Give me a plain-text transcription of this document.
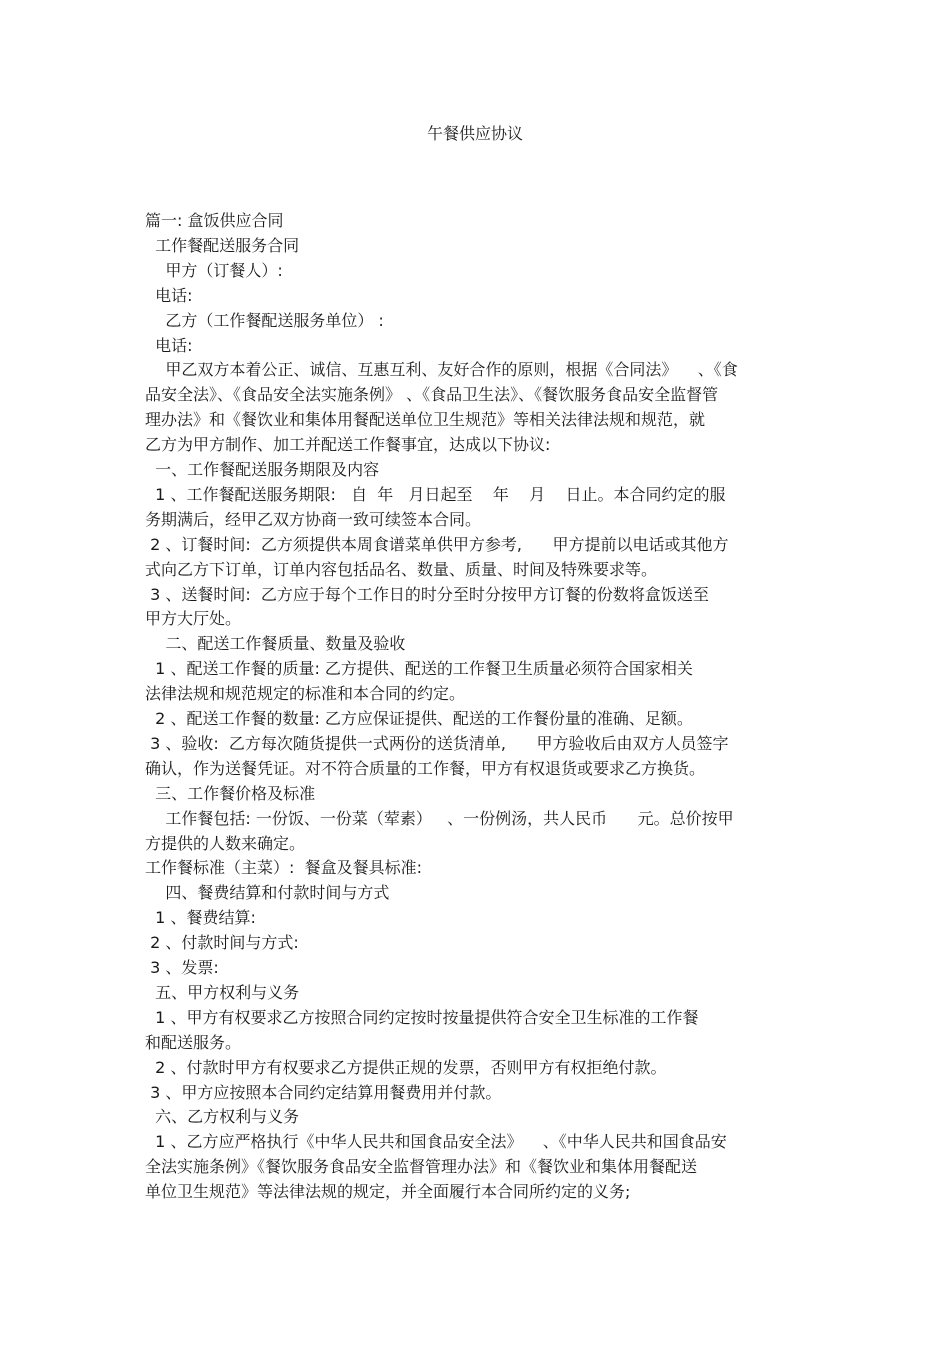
午餐供应协议
篇一: 盒饭供应合同
工作餐配送服务合同
甲方（订餐人）:
电话:
乙方（工作餐配送服务单位） :
电话:
甲乙双方本着公正、诚信、互惠互利、友好合作的原则，根据《合同法》    、《食
品安全法》、《食品安全法实施条例》 、《食品卫生法》、《餐饮服务食品安全监督管
理办法》和《餐饮业和集体用餐配送单位卫生规范》等相关法律法规和规范，就
乙方为甲方制作、加工并配送工作餐事宜，达成以下协议:
一、工作餐配送服务期限及内容
1 、工作餐配送服务期限:   自  年   月日起至    年    月    日止。本合同约定的服
务期满后，经甲乙双方协商一致可续签本合同。
2 、订餐时间:  乙方须提供本周食谱菜单供甲方参考,      甲方提前以电话或其他方
式向乙方下订单，订单内容包括品名、数量、质量、时间及特殊要求等。
3 、送餐时间:  乙方应于每个工作日的时分至时分按甲方订餐的份数将盒饭送至
甲方大厅处。
二、配送工作餐质量、数量及验收
1 、配送工作餐的质量: 乙方提供、配送的工作餐卫生质量必须符合国家相关
法律法规和规范规定的标准和本合同的约定。
2 、配送工作餐的数量: 乙方应保证提供、配送的工作餐份量的准确、足额。
3 、验收:  乙方每次随货提供一式两份的送货清单,      甲方验收后由双方人员签字
确认，作为送餐凭证。对不符合质量的工作餐，甲方有权退货或要求乙方换货。
三、工作餐价格及标准
工作餐包括: 一份饭、一份菜（荤素）   、一份例汤，共人民币      元。总价按甲
方提供的人数来确定。
工作餐标准（主菜）:  餐盒及餐具标准:
四、餐费结算和付款时间与方式
1 、餐费结算:
2 、付款时间与方式:
3 、发票:
五、甲方权利与义务
1 、甲方有权要求乙方按照合同约定按时按量提供符合安全卫生标准的工作餐
和配送服务。
2 、付款时甲方有权要求乙方提供正规的发票，否则甲方有权拒绝付款。
3 、甲方应按照本合同约定结算用餐费用并付款。
六、乙方权利与义务
1 、乙方应严格执行《中华人民共和国食品安全法》    、《中华人民共和国食品安
全法实施条例》《餐饮服务食品安全监督管理办法》和《餐饮业和集体用餐配送
单位卫生规范》等法律法规的规定，并全面履行本合同所约定的义务;
